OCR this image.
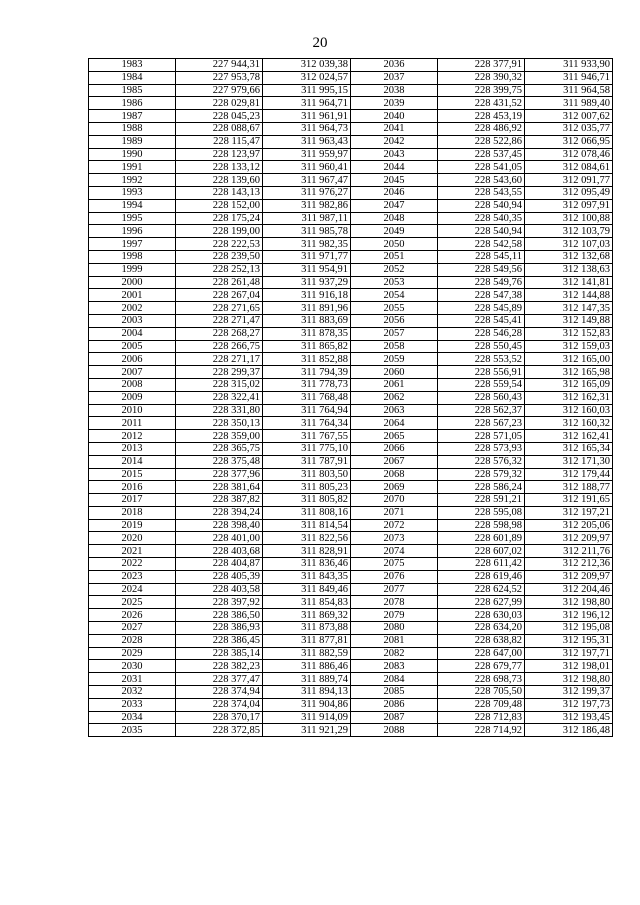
20
1983	227 944,31	312 039,38	2036	228 377,91	311 933,90
1984	227 953,78	312 024,57	2037	228 390,32	311 946,71
1985	227 979,66	311 995,15	2038	228 399,75	311 964,58
1986	228 029,81	311 964,71	2039	228 431,52	311 989,40
1987	228 045,23	311 961,91	2040	228 453,19	312 007,62
1988	228 088,67	311 964,73	2041	228 486,92	312 035,77
1989	228 115,47	311 963,43	2042	228 522,86	312 066,95
1990	228 123,97	311 959,97	2043	228 537,45	312 078,46
1991	228 133,12	311 960,41	2044	228 541,05	312 084,61
1992	228 139,60	311 967,47	2045	228 543,60	312 091,77
1993	228 143,13	311 976,27	2046	228 543,55	312 095,49
1994	228 152,00	311 982,86	2047	228 540,94	312 097,91
1995	228 175,24	311 987,11	2048	228 540,35	312 100,88
1996	228 199,00	311 985,78	2049	228 540,94	312 103,79
1997	228 222,53	311 982,35	2050	228 542,58	312 107,03
1998	228 239,50	311 971,77	2051	228 545,11	312 132,68
1999	228 252,13	311 954,91	2052	228 549,56	312 138,63
2000	228 261,48	311 937,29	2053	228 549,76	312 141,81
2001	228 267,04	311 916,18	2054	228 547,38	312 144,88
2002	228 271,65	311 891,96	2055	228 545,89	312 147,35
2003	228 271,47	311 883,69	2056	228 545,41	312 149,88
2004	228 268,27	311 878,35	2057	228 546,28	312 152,83
2005	228 266,75	311 865,82	2058	228 550,45	312 159,03
2006	228 271,17	311 852,88	2059	228 553,52	312 165,00
2007	228 299,37	311 794,39	2060	228 556,91	312 165,98
2008	228 315,02	311 778,73	2061	228 559,54	312 165,09
2009	228 322,41	311 768,48	2062	228 560,43	312 162,31
2010	228 331,80	311 764,94	2063	228 562,37	312 160,03
2011	228 350,13	311 764,34	2064	228 567,23	312 160,32
2012	228 359,00	311 767,55	2065	228 571,05	312 162,41
2013	228 365,75	311 775,10	2066	228 573,93	312 165,34
2014	228 375,48	311 787,91	2067	228 576,32	312 171,30
2015	228 377,96	311 803,50	2068	228 579,32	312 179,44
2016	228 381,64	311 805,23	2069	228 586,24	312 188,77
2017	228 387,82	311 805,82	2070	228 591,21	312 191,65
2018	228 394,24	311 808,16	2071	228 595,08	312 197,21
2019	228 398,40	311 814,54	2072	228 598,98	312 205,06
2020	228 401,00	311 822,56	2073	228 601,89	312 209,97
2021	228 403,68	311 828,91	2074	228 607,02	312 211,76
2022	228 404,87	311 836,46	2075	228 611,42	312 212,36
2023	228 405,39	311 843,35	2076	228 619,46	312 209,97
2024	228 403,58	311 849,46	2077	228 624,52	312 204,46
2025	228 397,92	311 854,83	2078	228 627,99	312 198,80
2026	228 386,50	311 869,32	2079	228 630,03	312 196,12
2027	228 386,93	311 873,88	2080	228 634,20	312 195,08
2028	228 386,45	311 877,81	2081	228 638,82	312 195,31
2029	228 385,14	311 882,59	2082	228 647,00	312 197,71
2030	228 382,23	311 886,46	2083	228 679,77	312 198,01
2031	228 377,47	311 889,74	2084	228 698,73	312 198,80
2032	228 374,94	311 894,13	2085	228 705,50	312 199,37
2033	228 374,04	311 904,86	2086	228 709,48	312 197,73
2034	228 370,17	311 914,09	2087	228 712,83	312 193,45
2035	228 372,85	311 921,29	2088	228 714,92	312 186,48
